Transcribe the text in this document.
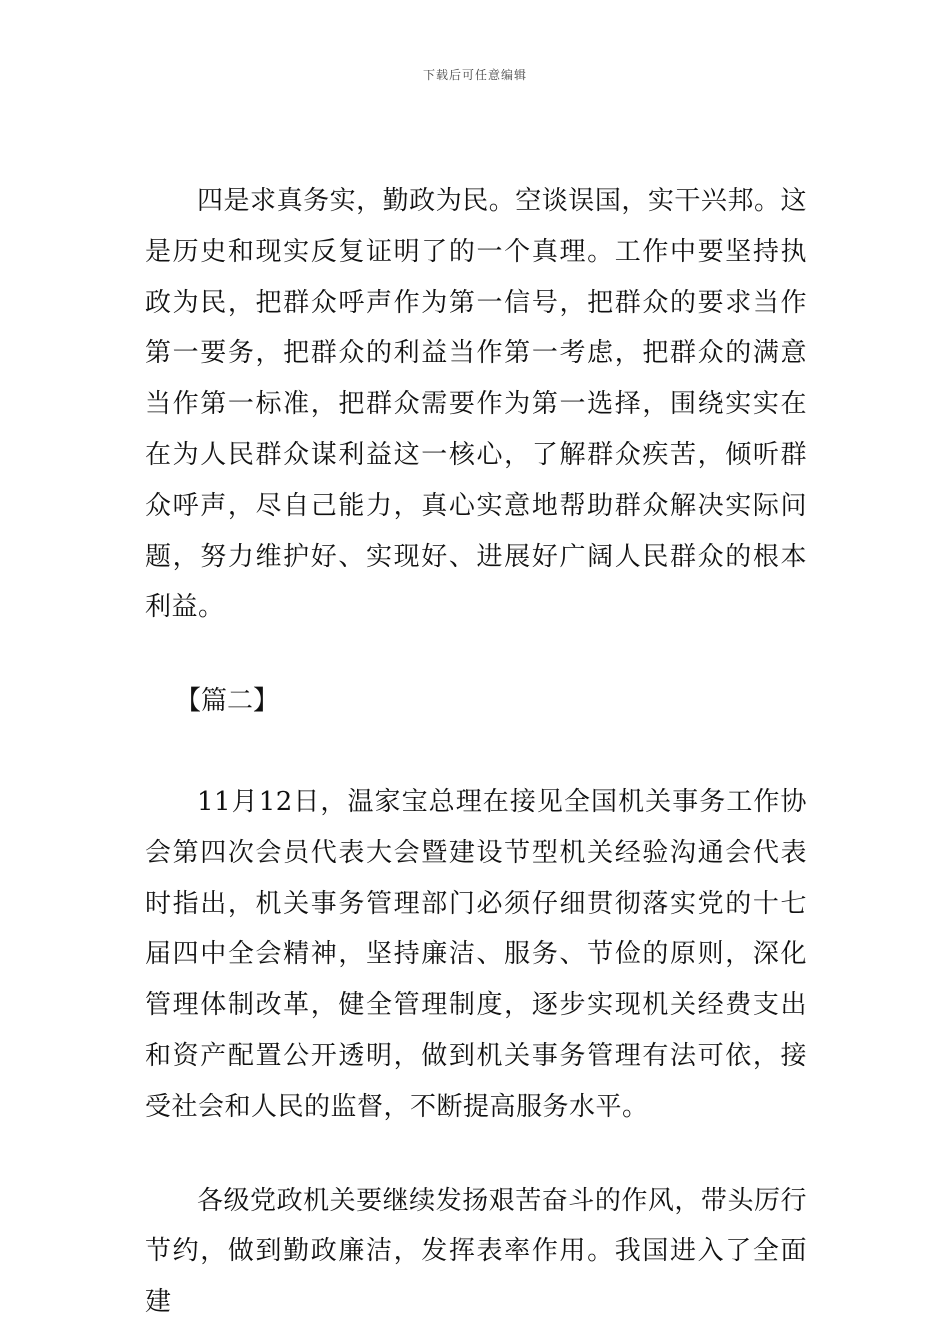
下载后可任意编辑

四是求真务实，勤政为民。空谈误国，实干兴邦。这是历史和现实反复证明了的一个真理。工作中要坚持执政为民，把群众呼声作为第一信号，把群众的要求当作第一要务，把群众的利益当作第一考虑，把群众的满意当作第一标准，把群众需要作为第一选择，围绕实实在在为人民群众谋利益这一核心，了解群众疾苦，倾听群众呼声，尽自己能力，真心实意地帮助群众解决实际问题，努力维护好、实现好、进展好广阔人民群众的根本利益。

【篇二】

11月12日，温家宝总理在接见全国机关事务工作协会第四次会员代表大会暨建设节型机关经验沟通会代表时指出，机关事务管理部门必须仔细贯彻落实党的十七届四中全会精神，坚持廉洁、服务、节俭的原则，深化管理体制改革，健全管理制度，逐步实现机关经费支出和资产配置公开透明，做到机关事务管理有法可依，接受社会和人民的监督，不断提高服务水平。

各级党政机关要继续发扬艰苦奋斗的作风，带头厉行节约，做到勤政廉洁，发挥表率作用。我国进入了全面建
